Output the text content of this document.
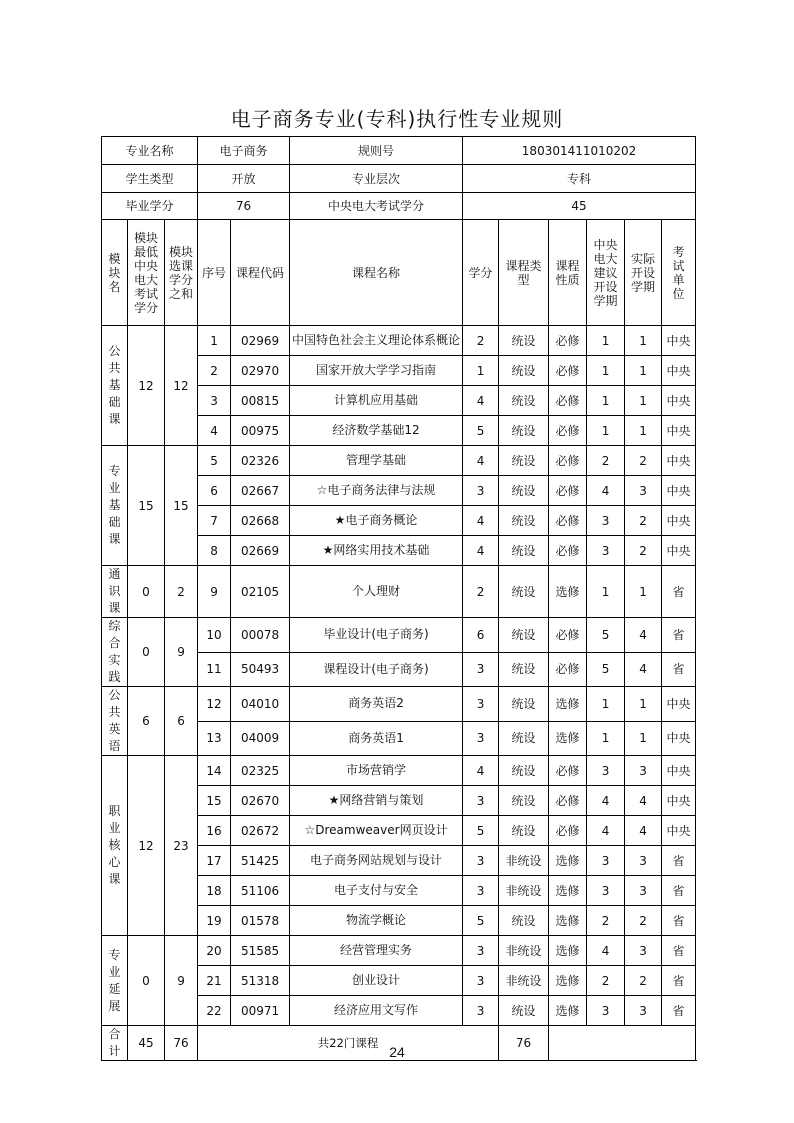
电子商务专业(专科)执行性专业规则
专业名称			电子商务		规则号	180301411010202					
学生类型			开放		专业层次	专科					
毕业学分			76		中央电大考试学分	45					
模块名	模块最低中央电大考试学分	模块选课学分之和	序号	课程代码	课程名称	学分	课程类型	课程性质	中央电大建议开设学期	实际开设学期	考试单位
公共基础课	12	12	1	02969	中国特色社会主义理论体系概论	2	统设	必修	1	1	中央
			2	02970	国家开放大学学习指南	1	统设	必修	1	1	中央
			3	00815	计算机应用基础	4	统设	必修	1	1	中央
			4	00975	经济数学基础12	5	统设	必修	1	1	中央
专业基础课	15	15	5	02326	管理学基础	4	统设	必修	2	2	中央
			6	02667	☆电子商务法律与法规	3	统设	必修	4	3	中央
			7	02668	★电子商务概论	4	统设	必修	3	2	中央
			8	02669	★网络实用技术基础	4	统设	必修	3	2	中央
通识课	0	2	9	02105	个人理财	2	统设	选修	1	1	省
综合实践	0	9	10	00078	毕业设计(电子商务)	6	统设	必修	5	4	省
			11	50493	课程设计(电子商务)	3	统设	必修	5	4	省
公共英语	6	6	12	04010	商务英语2	3	统设	选修	1	1	中央
			13	04009	商务英语1	3	统设	选修	1	1	中央
职业核心课	12	23	14	02325	市场营销学	4	统设	必修	3	3	中央
			15	02670	★网络营销与策划	3	统设	必修	4	4	中央
			16	02672	☆Dreamweaver网页设计	5	统设	必修	4	4	中央
			17	51425	电子商务网站规划与设计	3	非统设	选修	3	3	省
			18	51106	电子支付与安全	3	非统设	选修	3	3	省
			19	01578	物流学概论	5	统设	选修	2	2	省
专业延展	0	9	20	51585	经营管理实务	3	非统设	选修	4	3	省
			21	51318	创业设计	3	非统设	选修	2	2	省
			22	00971	经济应用文写作	3	统设	选修	3	3	省
合计	45	76	共22门课程				76				
24
